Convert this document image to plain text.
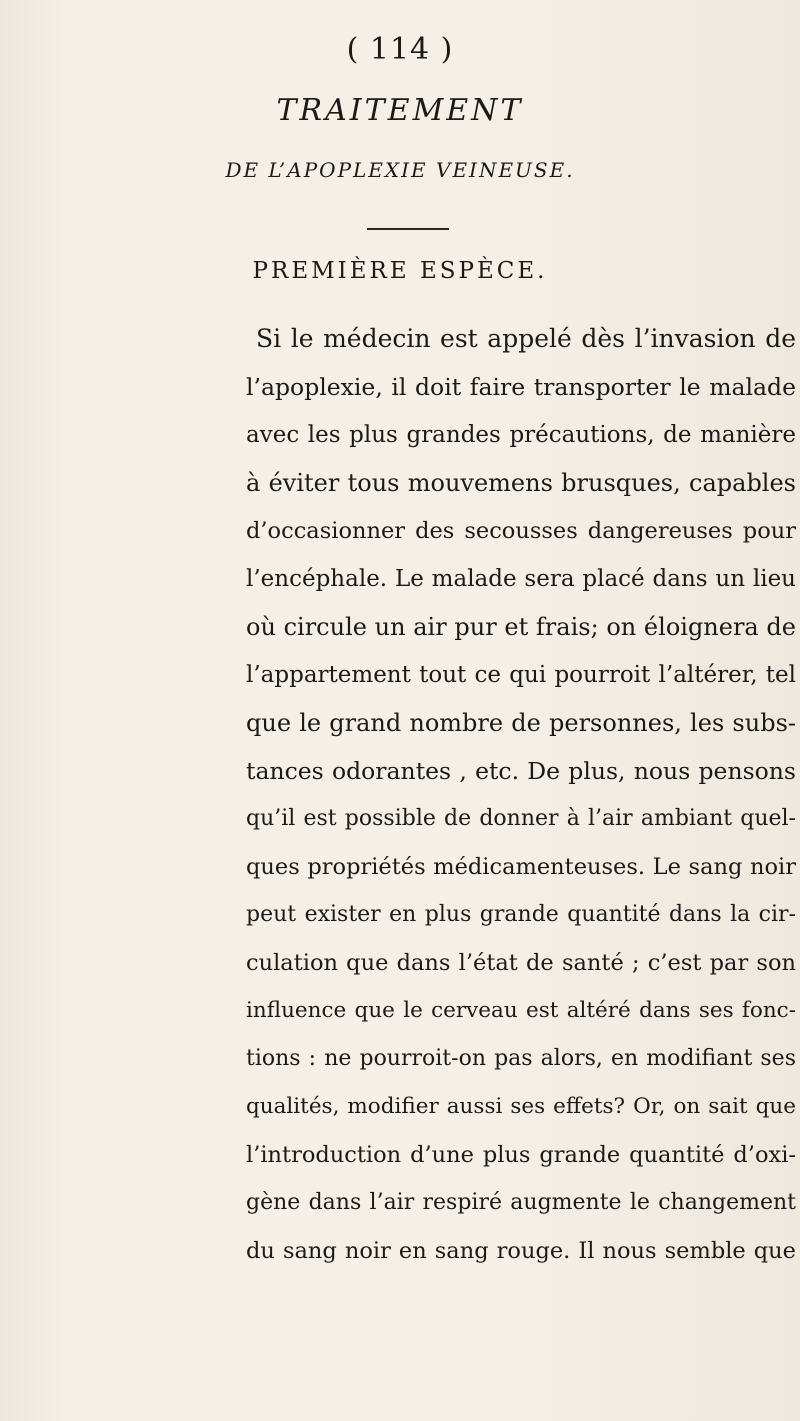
( 114 )
TRAITEMENT
DE L’APOPLEXIE VEINEUSE.
PREMIÈRE ESPÈCE.
Si le médecin est appelé dès l’invasion de
l’apoplexie, il doit faire transporter le malade
avec les plus grandes précautions, de manière
à éviter tous mouvemens brusques, capables
d’occasionner des secousses dangereuses pour
l’encéphale. Le malade sera placé dans un lieu
où circule un air pur et frais; on éloignera de
l’appartement tout ce qui pourroit l’altérer, tel
que le grand nombre de personnes, les subs-
tances odorantes , etc. De plus, nous pensons
qu’il est possible de donner à l’air ambiant quel-
ques propriétés médicamenteuses. Le sang noir
peut exister en plus grande quantité dans la cir-
culation que dans l’état de santé ; c’est par son
influence que le cerveau est altéré dans ses fonc-
tions : ne pourroit-on pas alors, en modifiant ses
qualités, modifier aussi ses effets? Or, on sait que
l’introduction d’une plus grande quantité d’oxi-
gène dans l’air respiré augmente le changement
du sang noir en sang rouge. Il nous semble que
